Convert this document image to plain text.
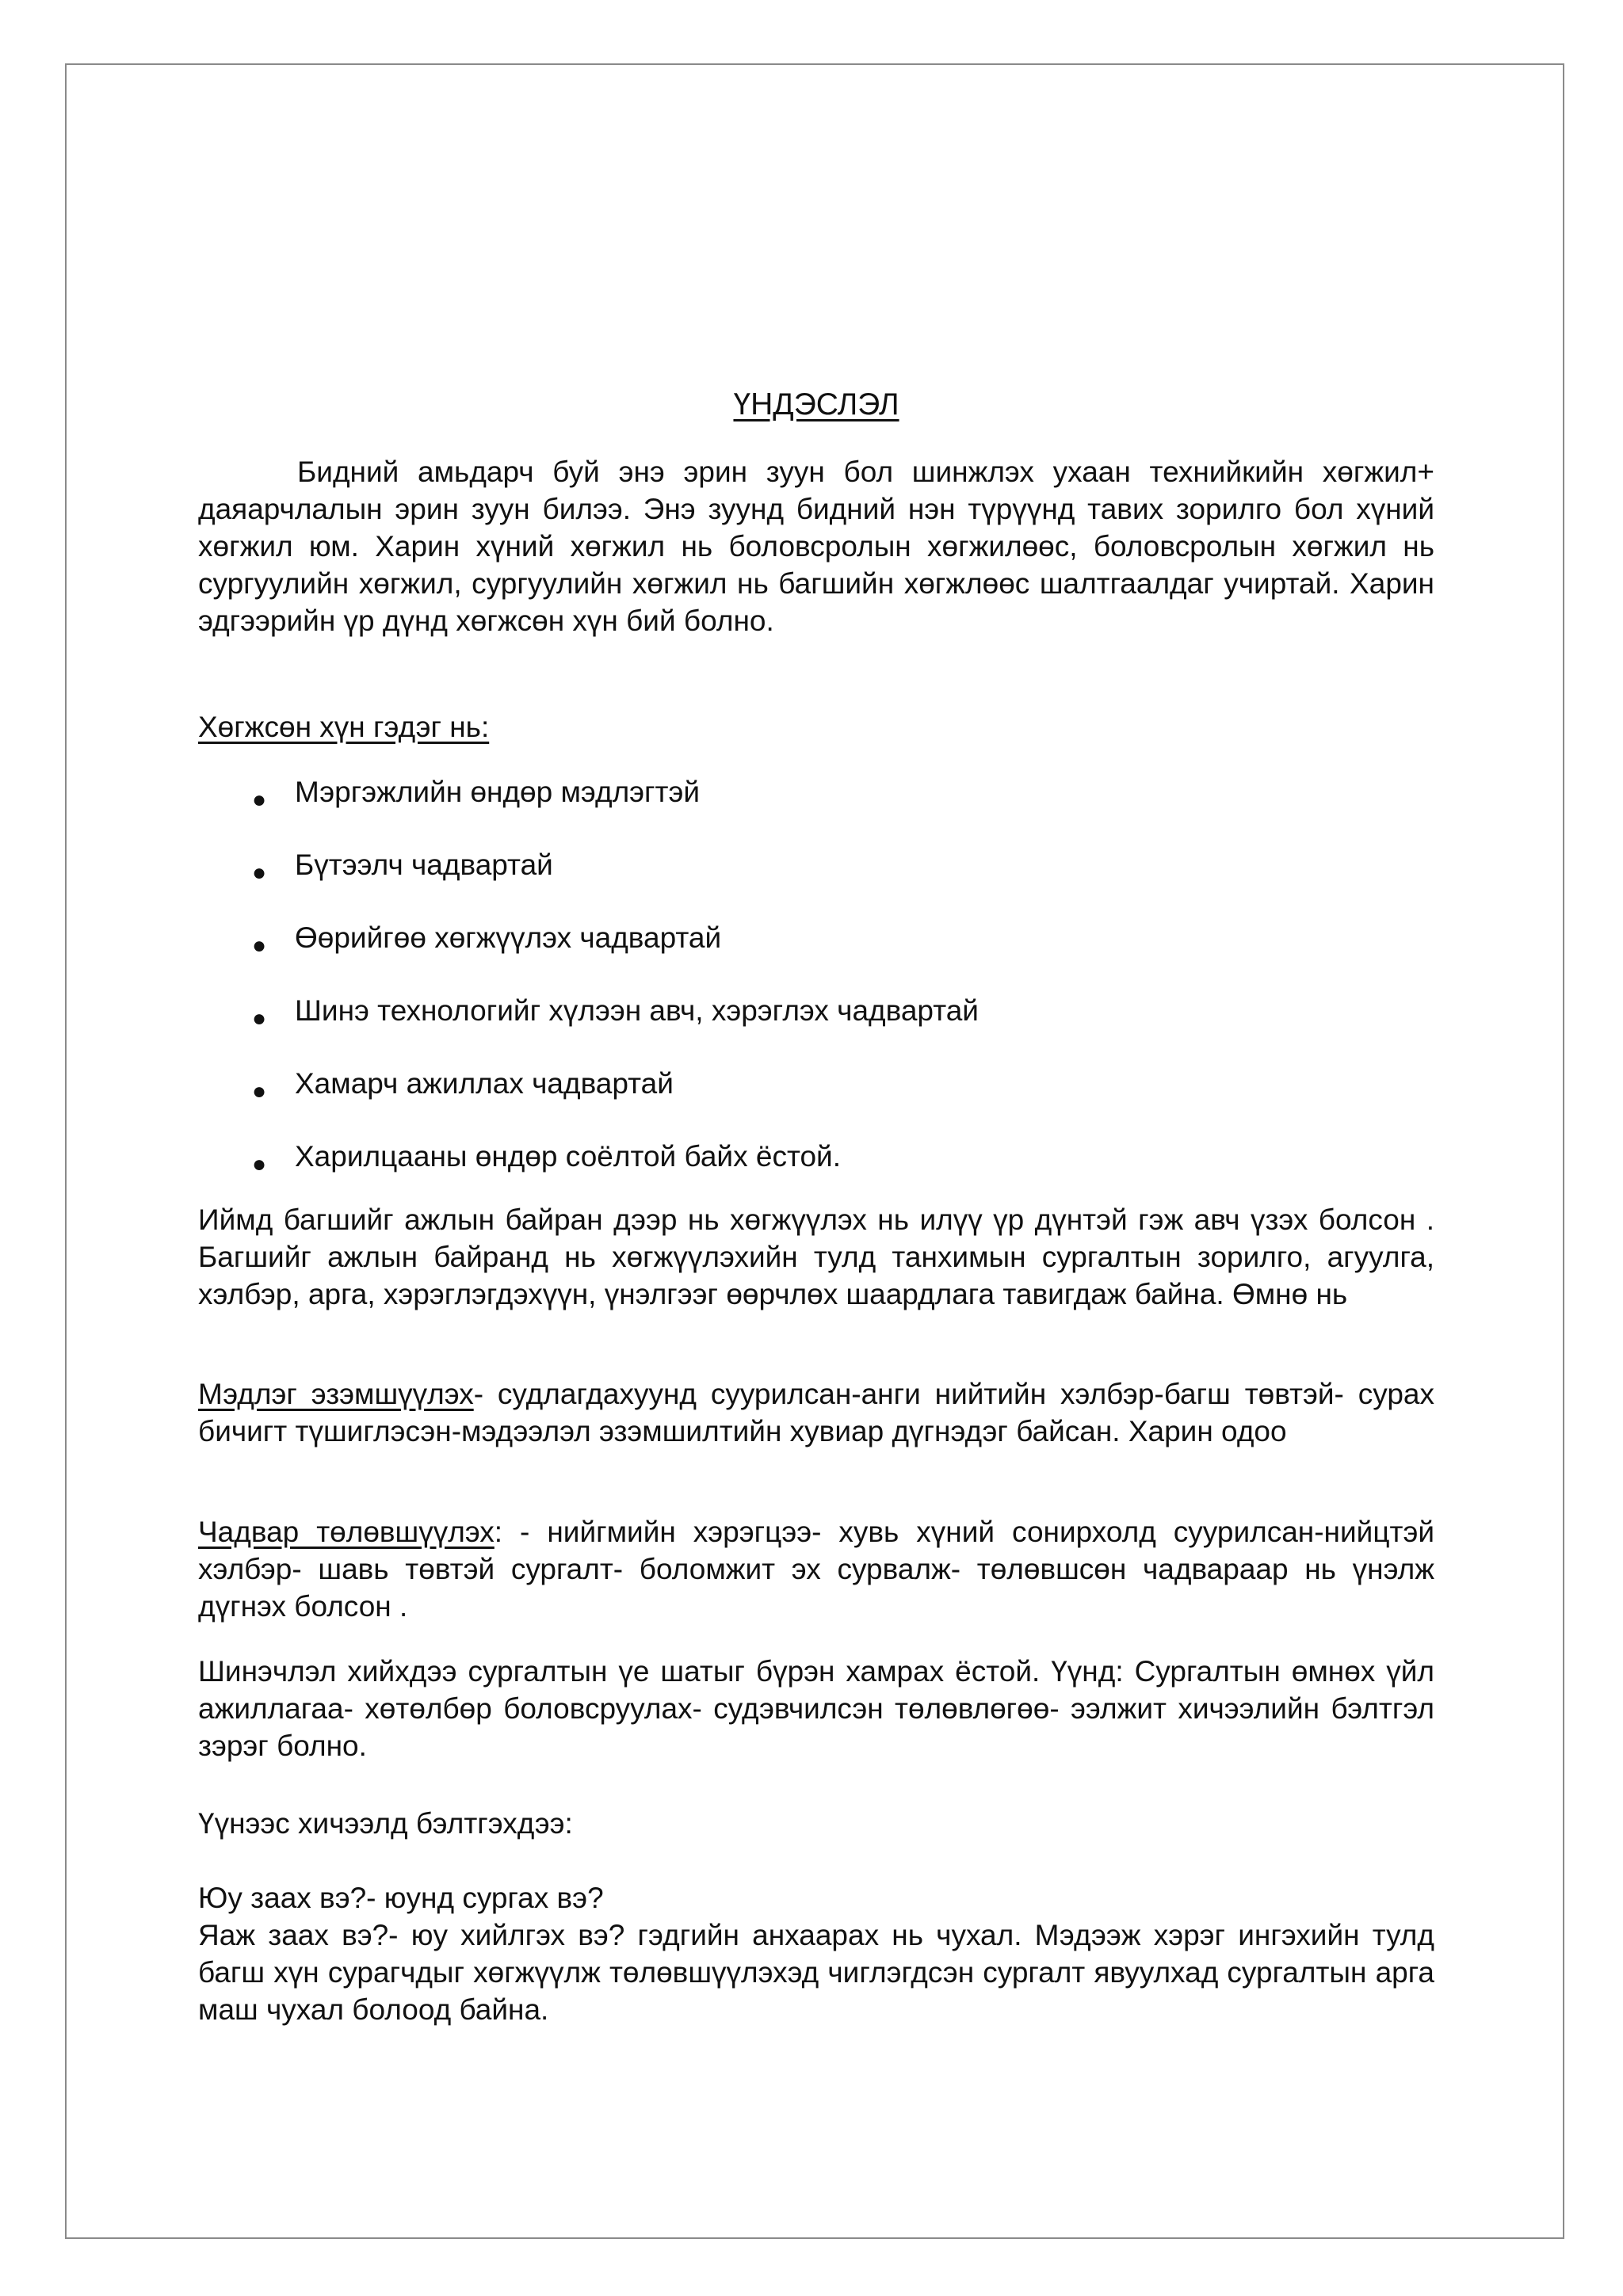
ҮНДЭСЛЭЛ

Бидний амьдарч буй энэ эрин зуун бол шинжлэх ухаан технийкийн хөгжил+ даяарчлалын эрин зуун билээ. Энэ зуунд бидний нэн түрүүнд тавих зорилго бол хүний хөгжил юм. Харин хүний хөгжил нь боловсролын хөгжилөөс, боловсролын хөгжил нь сургуулийн хөгжил, сургуулийн хөгжил нь багшийн хөгжлөөс шалтгаалдаг учиртай. Харин эдгээрийн үр дүнд хөгжсөн хүн бий болно.

Хөгжсөн хүн гэдэг нь:

● Мэргэжлийн өндөр мэдлэгтэй
● Бүтээлч чадвартай
● Өөрийгөө хөгжүүлэх чадвартай
● Шинэ технологийг хүлээн авч, хэрэглэх чадвартай
● Хамарч ажиллах чадвартай
● Харилцааны өндөр соёлтой байх ёстой.

Иймд багшийг ажлын байран дээр нь хөгжүүлэх нь илүү үр дүнтэй гэж авч үзэх болсон . Багшийг ажлын байранд нь хөгжүүлэхийн тулд танхимын сургалтын зорилго, агуулга, хэлбэр, арга, хэрэглэгдэхүүн, үнэлгээг өөрчлөх шаардлага тавигдаж байна. Өмнө нь

Мэдлэг эзэмшүүлэх- судлагдахуунд суурилсан-анги нийтийн хэлбэр-багш төвтэй- сурах бичигт түшиглэсэн-мэдээлэл эзэмшилтийн хувиар дүгнэдэг байсан. Харин одоо

Чадвар төлөвшүүлэх: - нийгмийн хэрэгцээ- хувь хүний сонирхолд суурилсан-нийцтэй хэлбэр- шавь төвтэй сургалт- боломжит эх сурвалж- төлөвшсөн чадвараар нь үнэлж дүгнэх болсон .

Шинэчлэл хийхдээ сургалтын үе шатыг бүрэн хамрах ёстой. Үүнд: Сургалтын өмнөх үйл ажиллагаа- хөтөлбөр боловсруулах- судэвчилсэн төлөвлөгөө- ээлжит хичээлийн бэлтгэл зэрэг болно.

Үүнээс хичээлд бэлтгэхдээ:

Юу заах вэ?- юунд сургах вэ?

Яаж заах вэ?- юу хийлгэх вэ? гэдгийн анхаарах нь чухал. Мэдээж хэрэг ингэхийн тулд багш хүн сурагчдыг хөгжүүлж төлөвшүүлэхэд чиглэгдсэн сургалт явуулхад сургалтын арга маш чухал болоод байна.
